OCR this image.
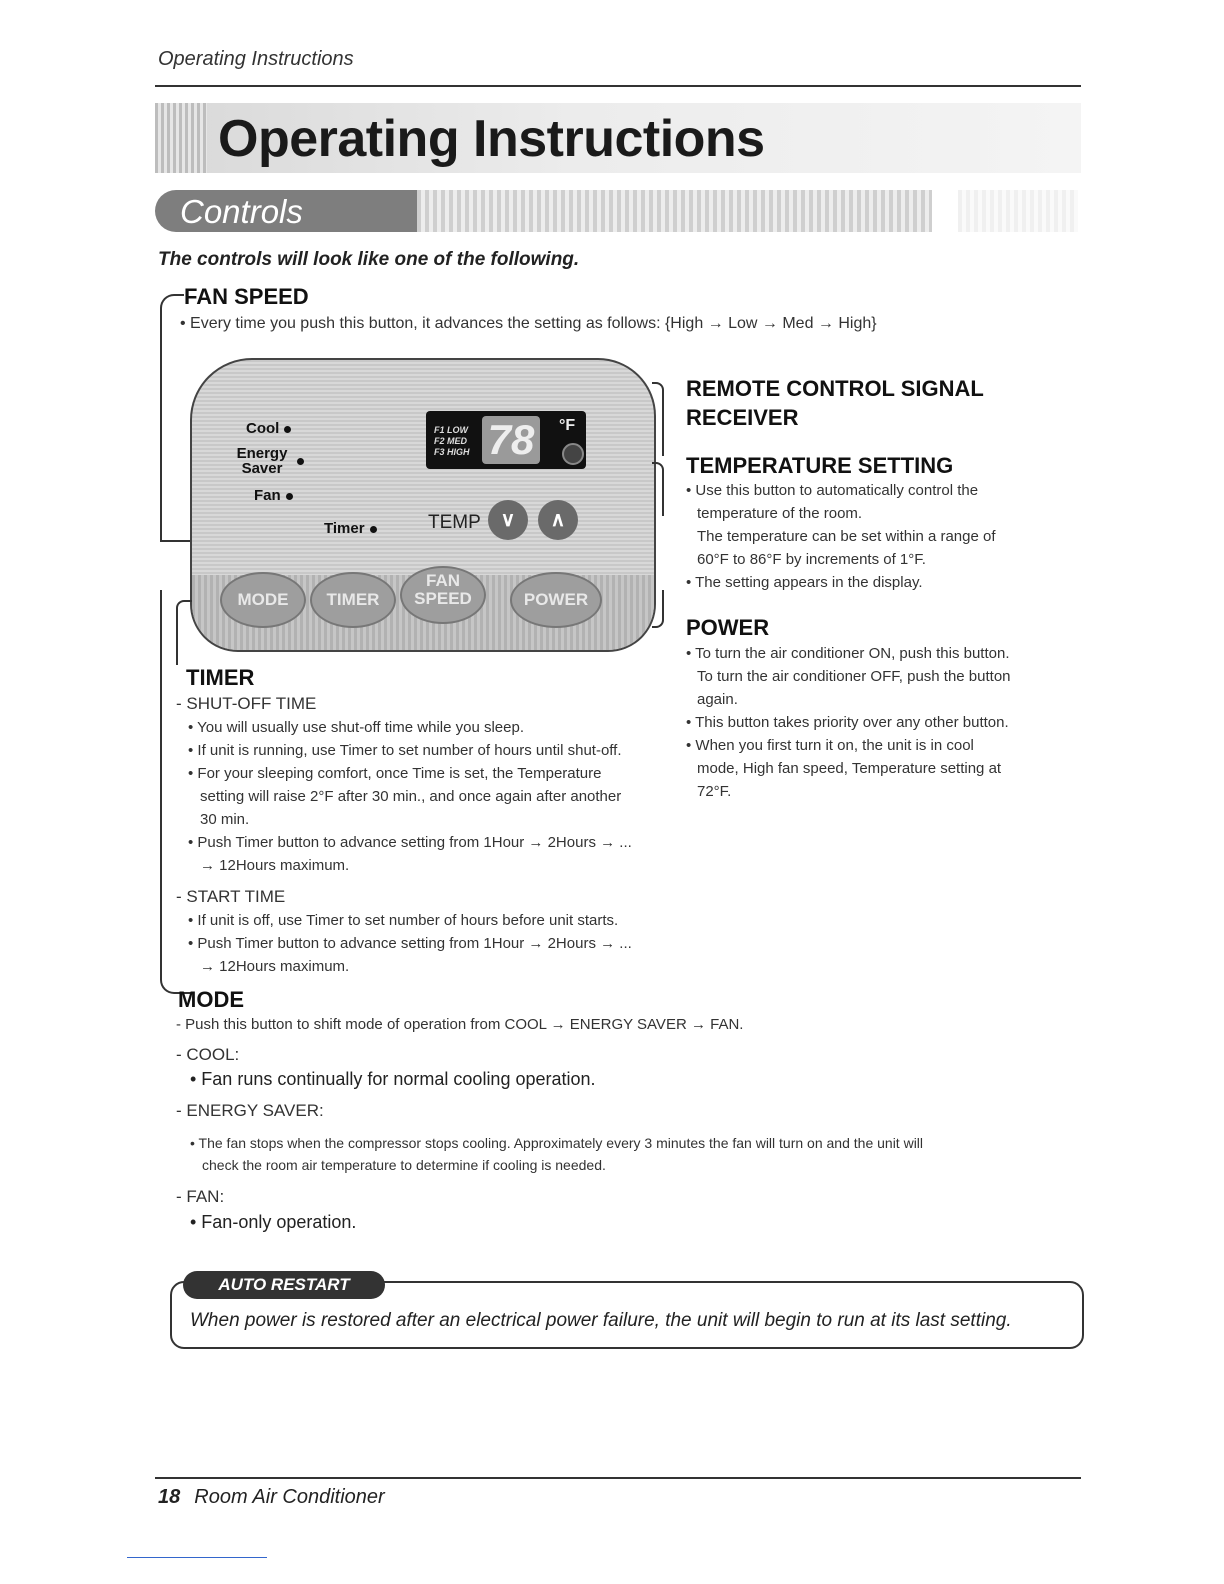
Operating Instructions
Operating Instructions
Controls
The controls will look like one of the following.
FAN SPEED
• Every time you push this button, it advances the setting as follows: {High → Low → Med → High}
Cool
Energy Saver
Fan
Timer
F1 LOW
F2 MED
F3 HIGH 78	°F
TEMP ∨	∧
MODE	TIMER
FAN SPEED	POWER
REMOTE CONTROL SIGNAL
RECEIVER
TEMPERATURE SETTING
• Use this button to automatically control the
temperature of the room.
The temperature can be set within a range of
60°F to 86°F by increments of 1°F.
• The setting appears in the display.
POWER
• To turn the air conditioner ON, push this button.
To turn the air conditioner OFF, push the button
again.
• This button takes priority over any other button.
• When you first turn it on, the unit is in cool
mode, High fan speed, Temperature setting at
72°F.
TIMER
- SHUT-OFF TIME
• You will usually use shut-off time while you sleep.
• If unit is running, use Timer to set number of hours until shut-off.
• For your sleeping comfort, once Time is set, the Temperature
setting will raise 2°F after 30 min., and once again after another
30 min.
• Push Timer button to advance setting from 1Hour → 2Hours → ...
→ 12Hours maximum.
- START TIME
• If unit is off, use Timer to set number of hours before unit starts.
• Push Timer button to advance setting from 1Hour → 2Hours → ...
→ 12Hours maximum.
MODE
- Push this button to shift mode of operation from COOL → ENERGY SAVER → FAN.
- COOL:
• Fan runs continually for normal cooling operation.
- ENERGY SAVER:
• The fan stops when the compressor stops cooling. Approximately every 3 minutes the fan will turn on and the unit will
check the room air temperature to determine if cooling is needed.
- FAN:
• Fan-only operation.
AUTO RESTART
When power is restored after an electrical power failure, the unit will begin to run at its last setting.
18 Room Air Conditioner
